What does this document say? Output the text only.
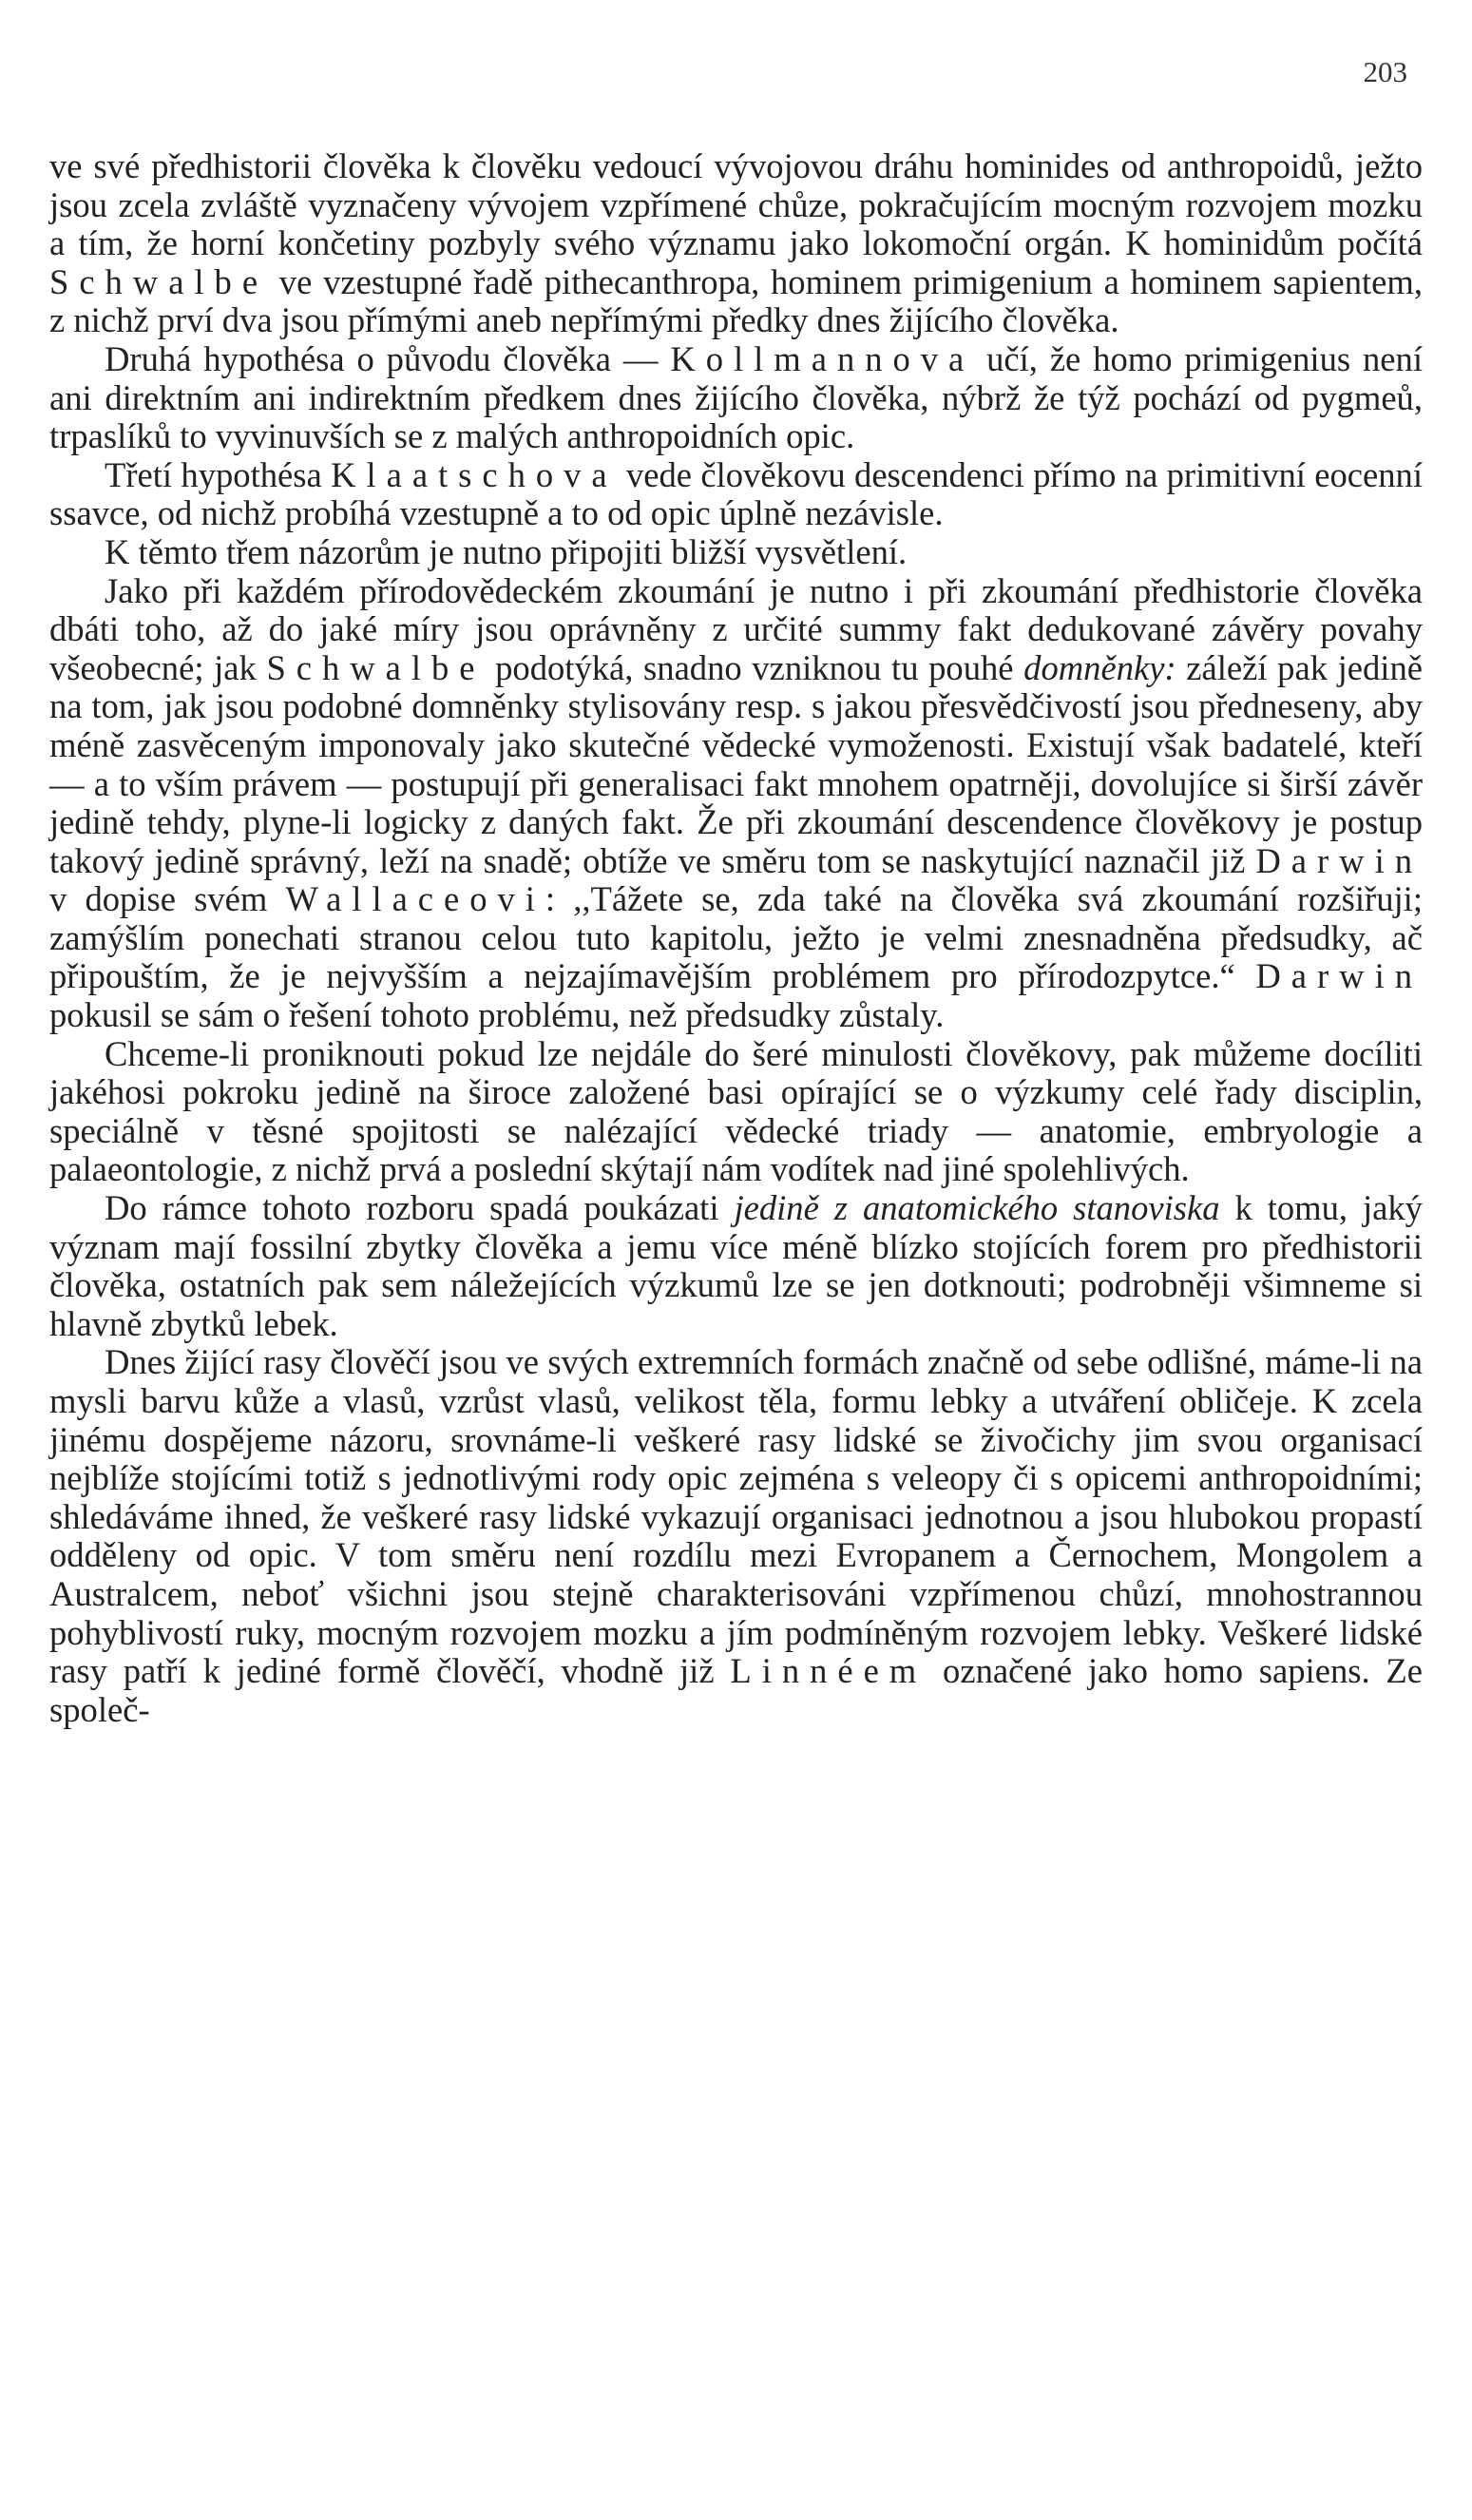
203

ve své předhistorii člověka k člověku vedoucí vývojovou dráhu hominides od anthropoidů, ježto jsou zcela zvláště vyznačeny vývojem vzpřímené chůze, pokračujícím mocným rozvojem mozku a tím, že horní končetiny pozbyly svého významu jako lokomoční orgán. K hominidům počítá Schwalbe ve vzestupné řadě pithecanthropa, hominem primigenium a hominem sapientem, z nichž prví dva jsou přímými aneb nepřímými předky dnes žijícího člověka.

Druhá hypothésa o původu člověka — Kollmannova učí, že homo primigenius není ani direktním ani indirektním předkem dnes žijícího člověka, nýbrž že týž pochází od pygmeů, trpaslíků to vyvinuvších se z malých anthropoidních opic.

Třetí hypothésa Klaatschova vede člověkovu descendenci přímo na primitivní eocenní ssavce, od nichž probíhá vzestupně a to od opic úplně nezávisle.

K těmto třem názorům je nutno připojiti bližší vysvětlení.

Jako při každém přírodovědeckém zkoumání je nutno i při zkoumání předhistorie člověka dbáti toho, až do jaké míry jsou oprávněny z určité summy fakt dedukované závěry povahy všeobecné; jak Schwalbe podotýká, snadno vzniknou tu pouhé domněnky: záleží pak jedině na tom, jak jsou podobné domněnky stylisovány resp. s jakou přesvědčivostí jsou předneseny, aby méně zasvěceným imponovaly jako skutečné vědecké vymoženosti. Existují však badatelé, kteří — a to vším právem — postupují při generalisaci fakt mnohem opatrněji, dovolujíce si širší závěr jedině tehdy, plyne-li logicky z daných fakt. Že při zkoumání descendence člověkovy je postup takový jedině správný, leží na snadě; obtíže ve směru tom se naskytující naznačil již Darwin v dopise svém Wallaceovi: ,,Tážete se, zda také na člověka svá zkoumání rozšiřuji; zamýšlím ponechati stranou celou tuto kapitolu, ježto je velmi znesnadněna předsudky, ač připouštím, že je nejvyšším a nejzajímavějším problémem pro přírodozpytce.“ Darwin pokusil se sám o řešení tohoto problému, než předsudky zůstaly.

Chceme-li proniknouti pokud lze nejdále do šeré minulosti člověkovy, pak můžeme docíliti jakéhosi pokroku jedině na široce založené basi opírající se o výzkumy celé řady disciplin, speciálně v těsné spojitosti se nalézající vědecké triady — anatomie, embryologie a palaeontologie, z nichž prvá a poslední skýtají nám vodítek nad jiné spolehlivých.

Do rámce tohoto rozboru spadá poukázati jedině z anatomického stanoviska k tomu, jaký význam mají fossilní zbytky člověka a jemu více méně blízko stojících forem pro předhistorii člověka, ostatních pak sem náležejících výzkumů lze se jen dotknouti; podrobněji všimneme si hlavně zbytků lebek.

Dnes žijící rasy člověčí jsou ve svých extremních formách značně od sebe odlišné, máme-li na mysli barvu kůže a vlasů, vzrůst vlasů, velikost těla, formu lebky a utváření obličeje. K zcela jinému dospějeme názoru, srovnáme-li veškeré rasy lidské se živočichy jim svou organisací nejblíže stojícími totiž s jednotlivými rody opic zejména s veleopy či s opicemi anthropoidními; shledáváme ihned, že veškeré rasy lidské vykazují organisaci jednotnou a jsou hlubokou propastí odděleny od opic. V tom směru není rozdílu mezi Evropanem a Černochem, Mongolem a Australcem, neboť všichni jsou stejně charakterisováni vzpřímenou chůzí, mnohostrannou pohyblivostí ruky, mocným rozvojem mozku a jím podmíněným rozvojem lebky. Veškeré lidské rasy patří k jediné formě člověčí, vhodně již Linnéem označené jako homo sapiens. Ze společ-
